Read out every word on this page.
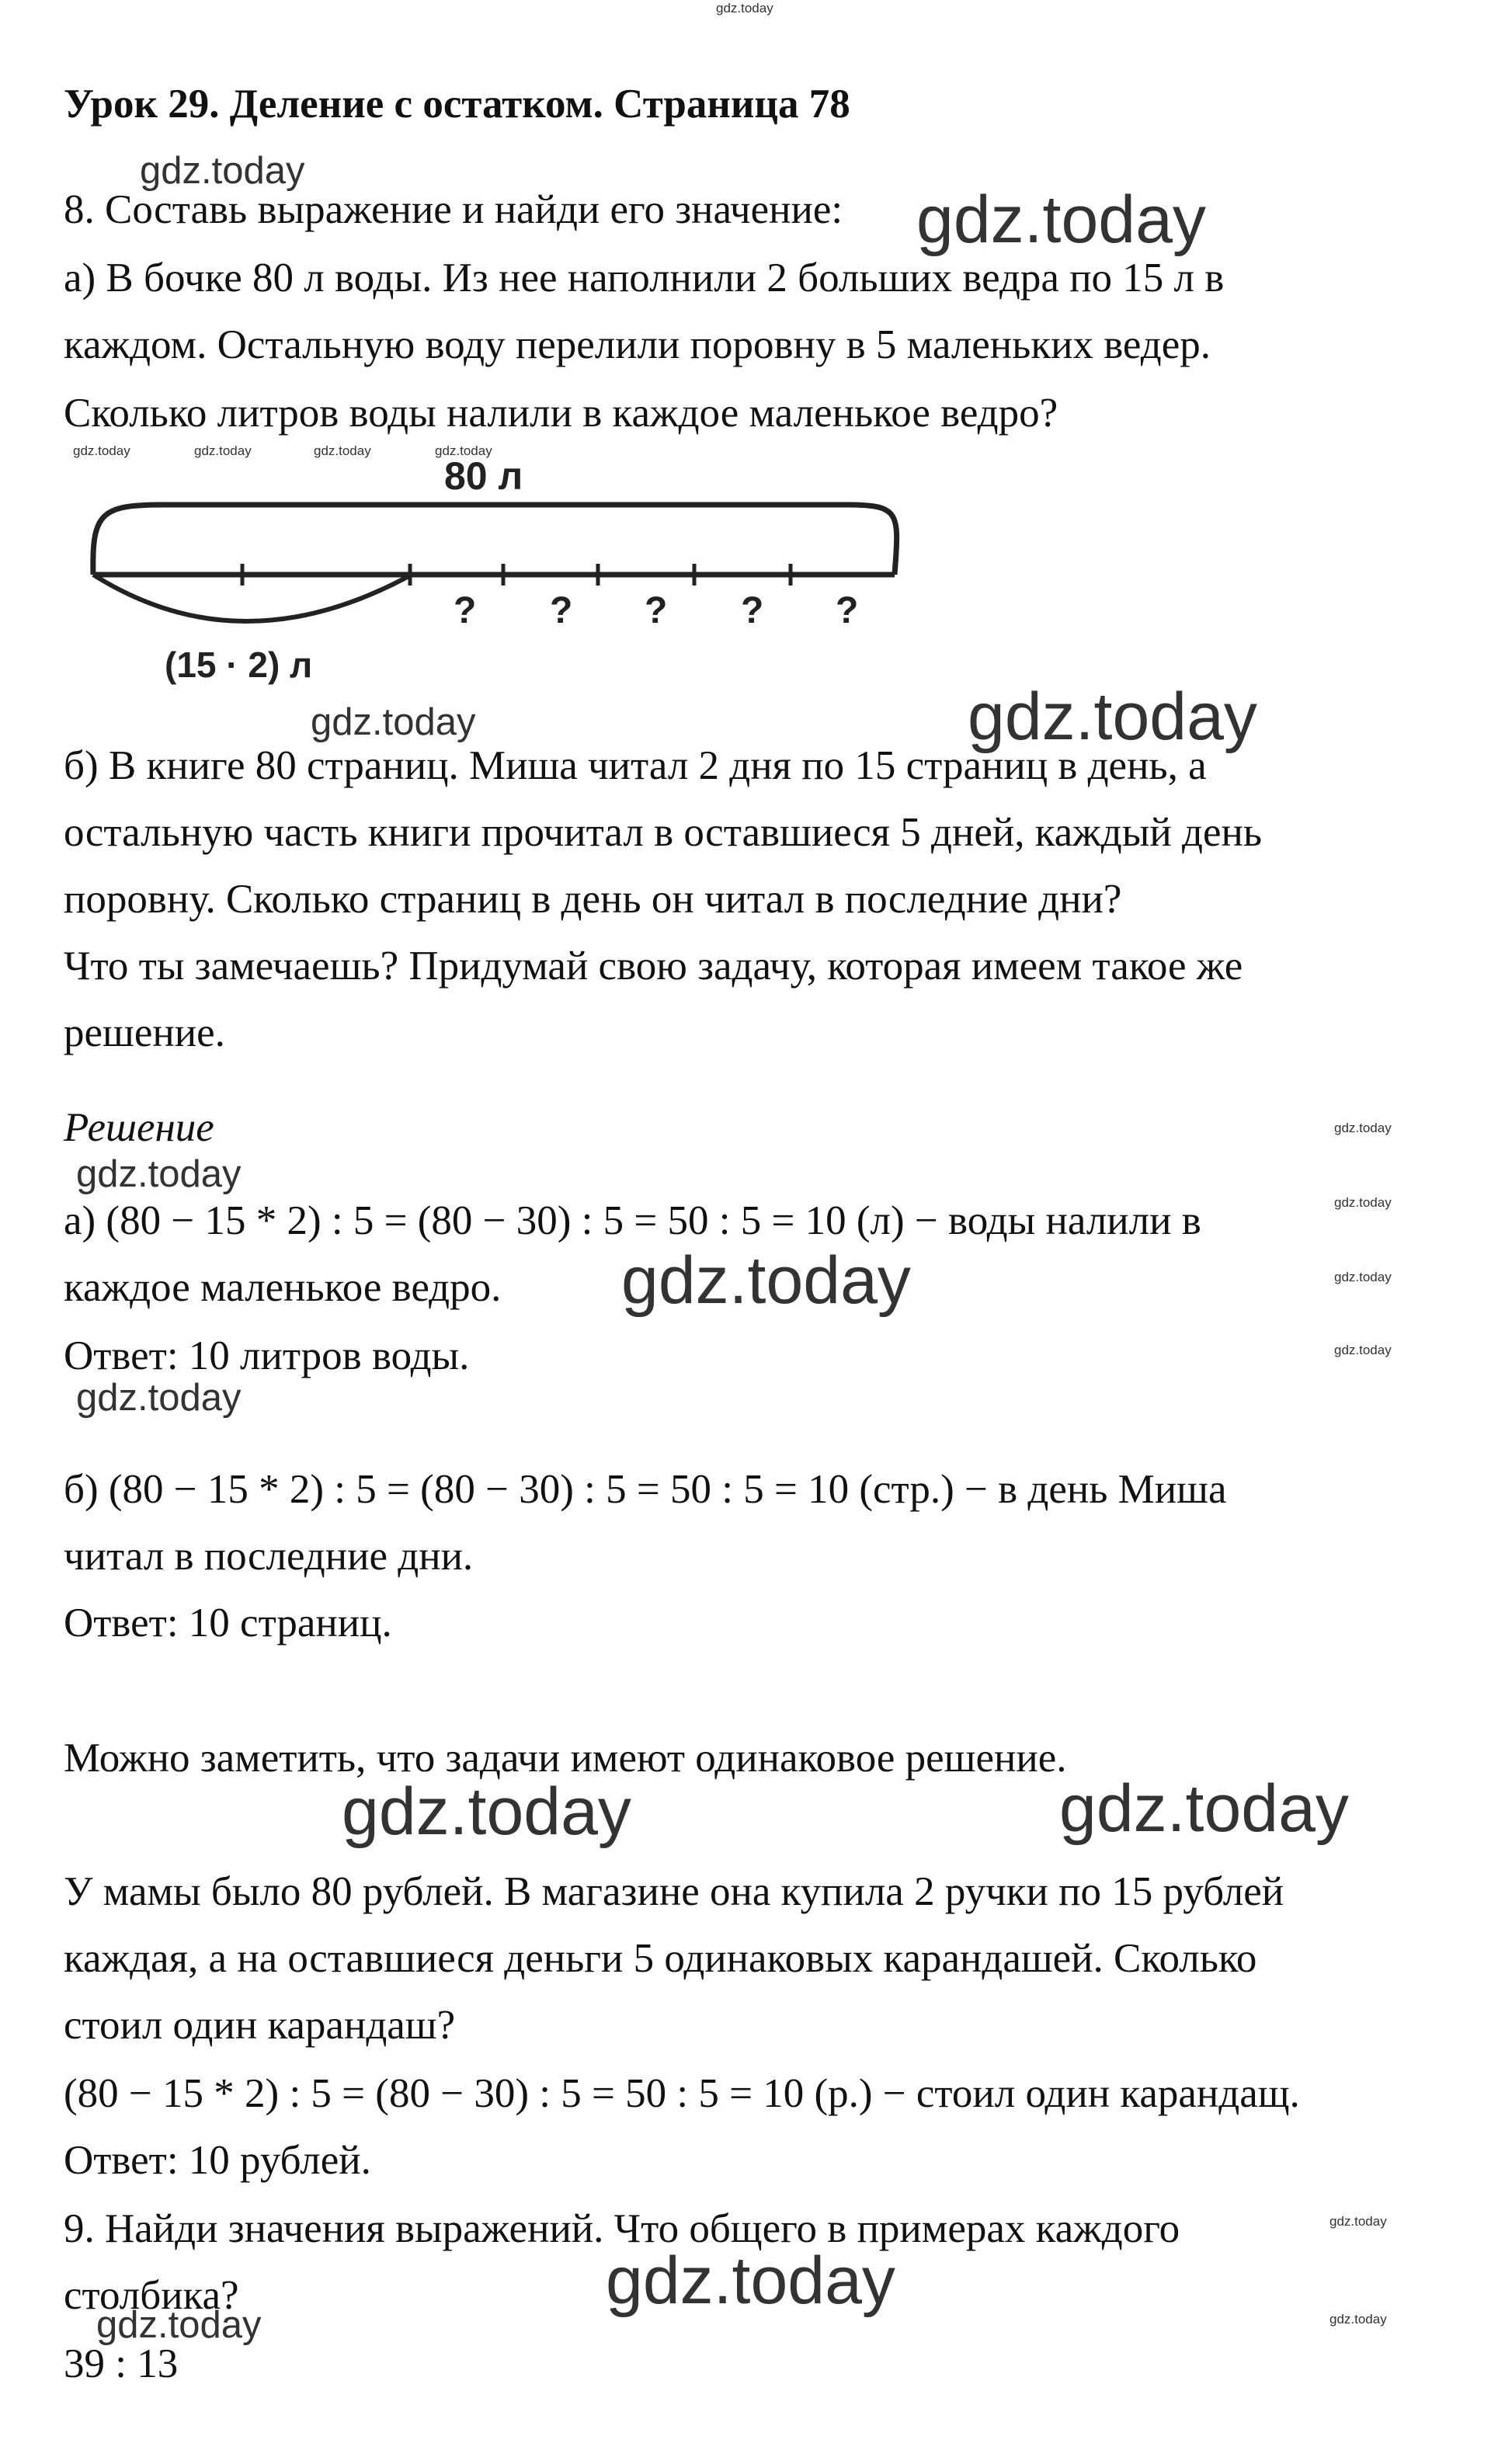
Урок 29. Деление с остатком. Страница 78
8. Составь выражение и найди его значение:
а) В бочке 80 л воды. Из нее наполнили 2 больших ведра по 15 л в
каждом. Остальную воду перелили поровну в 5 маленьких ведер.
Сколько литров воды налили в каждое маленькое ведро?
80 л
? ? ? ? ?
(15 · 2) л
б) В книге 80 страниц. Миша читал 2 дня по 15 страниц в день, а
остальную часть книги прочитал в оставшиеся 5 дней, каждый день
поровну. Сколько страниц в день он читал в последние дни?
Что ты замечаешь? Придумай свою задачу, которая имеем такое же
решение.
Решение
а) (80 − 15 * 2) : 5 = (80 − 30) : 5 = 50 : 5 = 10 (л) − воды налили в
каждое маленькое ведро.
Ответ: 10 литров воды.
б) (80 − 15 * 2) : 5 = (80 − 30) : 5 = 50 : 5 = 10 (стр.) − в день Миша
читал в последние дни.
Ответ: 10 страниц.
Можно заметить, что задачи имеют одинаковое решение.
У мамы было 80 рублей. В магазине она купила 2 ручки по 15 рублей
каждая, а на оставшиеся деньги 5 одинаковых карандашей. Сколько
стоил один карандаш?
(80 − 15 * 2) : 5 = (80 − 30) : 5 = 50 : 5 = 10 (р.) − стоил один карандащ.
Ответ: 10 рублей.
9. Найди значения выражений. Что общего в примерах каждого
столбика?
39 : 13
gdz.today
gdz.today
gdz.today
gdz.today	gdz.today	gdz.today	gdz.today
gdz.today	gdz.today
gdz.today
gdz.today
gdz.today
gdz.today	gdz.today
gdz.today
gdz.today
gdz.today	gdz.today
gdz.today
gdz.today
gdz.today	gdz.today
